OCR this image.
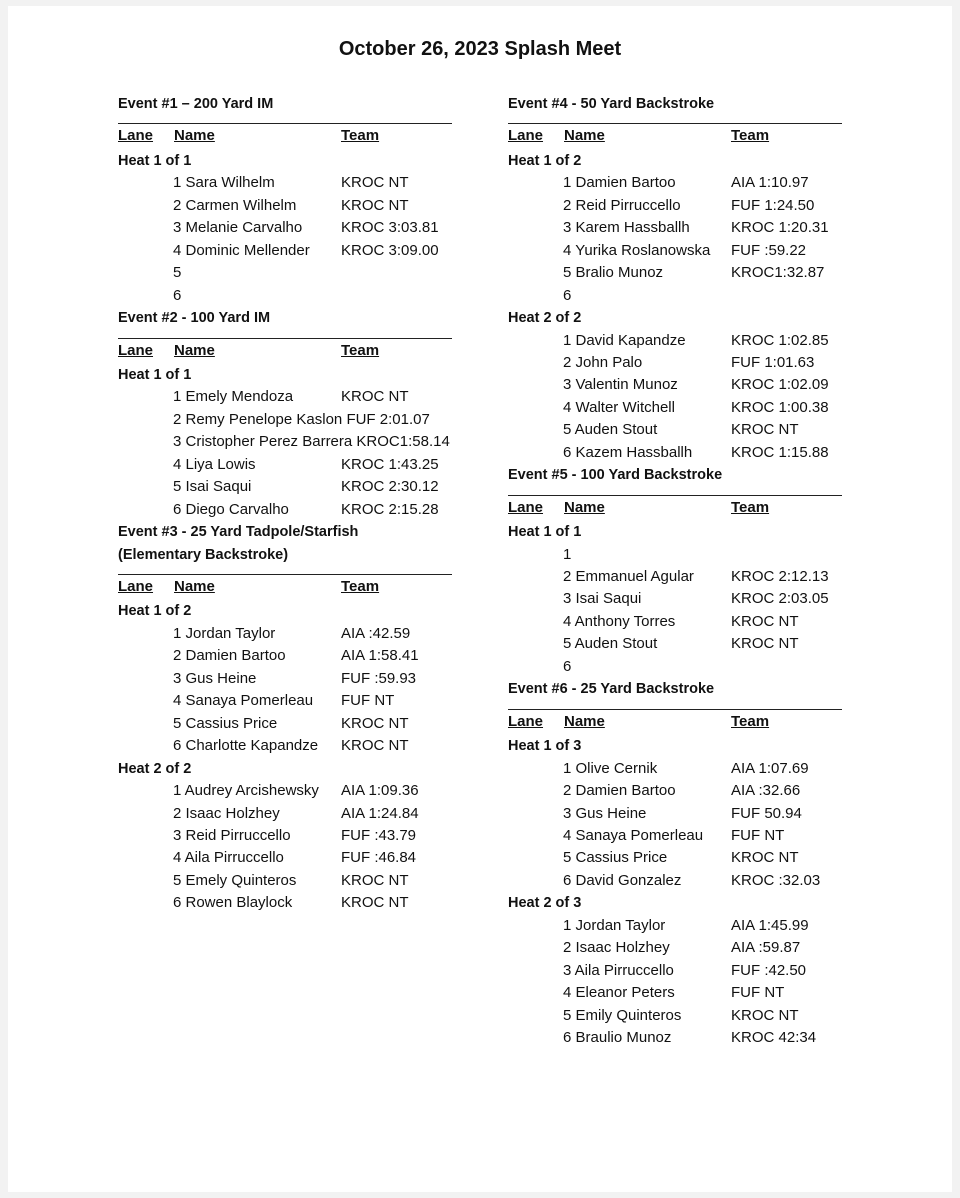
October 26, 2023 Splash Meet
Event #1 – 200 Yard IM
Lane Name	Team
Heat 1 of 1
1 Sara Wilhelm	KROC NT
2 Carmen Wilhelm	KROC NT
3 Melanie Carvalho	KROC 3:03.81
4 Dominic Mellender KROC 3:09.00
5
6
Event #2 - 100 Yard IM
Lane Name	Team
Heat 1 of 1
1 Emely Mendoza	KROC NT
2 Remy Penelope Kaslon FUF 2:01.07
3 Cristopher Perez Barrera KROC1:58.14
4 Liya Lowis	KROC 1:43.25
5 Isai Saqui	KROC 2:30.12
6 Diego Carvalho	KROC 2:15.28
Event #3 - 25 Yard Tadpole/Starfish
(Elementary Backstroke)
Lane Name	Team
Heat 1 of 2
1 Jordan Taylor	AIA :42.59
2 Damien Bartoo	AIA 1:58.41
3 Gus Heine	FUF :59.93
4 Sanaya Pomerleau FUF NT
5 Cassius Price	KROC NT
6 Charlotte Kapandze KROC NT
Heat 2 of 2
1 Audrey Arcishewsky AIA 1:09.36
2 Isaac Holzhey	AIA 1:24.84
3 Reid Pirruccello	FUF :43.79
4 Aila Pirruccello	FUF :46.84
5 Emely Quinteros	KROC NT
6 Rowen Blaylock	KROC NT
Event #4 - 50 Yard Backstroke
Lane Name	Team
Heat 1 of 2
1 Damien Bartoo	AIA 1:10.97
2 Reid Pirruccello	FUF 1:24.50
3 Karem Hassballh	KROC 1:20.31
4 Yurika Roslanowska FUF :59.22
5 Bralio Munoz	KROC1:32.87
6
Heat 2 of 2
1 David Kapandze	KROC 1:02.85
2 John Palo	FUF 1:01.63
3 Valentin Munoz	KROC 1:02.09
4 Walter Witchell	KROC 1:00.38
5 Auden Stout	KROC NT
6 Kazem Hassballh	KROC 1:15.88
Event #5 - 100 Yard Backstroke
Lane Name	Team
Heat 1 of 1
1
2 Emmanuel Agular KROC 2:12.13
3 Isai Saqui	KROC 2:03.05
4 Anthony Torres	KROC NT
5 Auden Stout	KROC NT
6
Event #6 - 25 Yard Backstroke
Lane Name	Team
Heat 1 of 3
1 Olive Cernik	AIA 1:07.69
2 Damien Bartoo	AIA :32.66
3 Gus Heine	FUF 50.94
4 Sanaya Pomerleau FUF NT
5 Cassius Price	KROC NT
6 David Gonzalez	KROC :32.03
Heat 2 of 3
1 Jordan Taylor	AIA 1:45.99
2 Isaac Holzhey	AIA :59.87
3 Aila Pirruccello	FUF :42.50
4 Eleanor Peters	FUF NT
5 Emily Quinteros	KROC NT
6 Braulio Munoz	KROC 42:34
